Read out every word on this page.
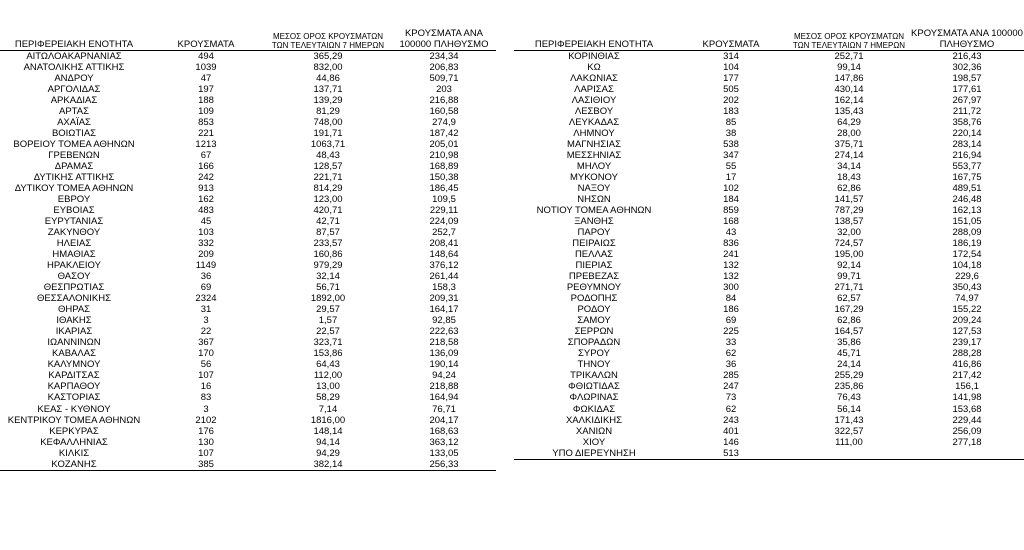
ΠΕΡΙΦΕΡΕΙΑΚΗ ΕΝΟΤΗΤΑ	ΚΡΟΥΣΜΑΤΑ	ΜΕΣΟΣ ΟΡΟΣ ΚΡΟΥΣΜΑΤΩΝ ΤΩΝ ΤΕΛΕΥΤΑΙΩΝ 7 ΗΜΕΡΩΝ	ΚΡΟΥΣΜΑΤΑ ΑΝΑ 100000 ΠΛΗΘΥΣΜΟ
ΑΙΤΩΛΟΑΚΑΡΝΑΝΙΑΣ	494	365,29	234,34
ΑΝΑΤΟΛΙΚΗΣ ΑΤΤΙΚΗΣ	1039	832,00	206,83
ΑΝΔΡΟΥ	47	44,86	509,71
ΑΡΓΟΛΙΔΑΣ	197	137,71	203
ΑΡΚΑΔΙΑΣ	188	139,29	216,88
ΑΡΤΑΣ	109	81,29	160,58
ΑΧΑΪΑΣ	853	748,00	274,9
ΒΟΙΩΤΙΑΣ	221	191,71	187,42
ΒΟΡΕΙΟΥ ΤΟΜΕΑ ΑΘΗΝΩΝ	1213	1063,71	205,01
ΓΡΕΒΕΝΩΝ	67	48,43	210,98
ΔΡΑΜΑΣ	166	128,57	168,89
ΔΥΤΙΚΗΣ ΑΤΤΙΚΗΣ	242	221,71	150,38
ΔΥΤΙΚΟΥ ΤΟΜΕΑ ΑΘΗΝΩΝ	913	814,29	186,45
ΕΒΡΟΥ	162	123,00	109,5
ΕΥΒΟΙΑΣ	483	420,71	229,11
ΕΥΡΥΤΑΝΙΑΣ	45	42,71	224,09
ΖΑΚΥΝΘΟΥ	103	87,57	252,7
ΗΛΕΙΑΣ	332	233,57	208,41
ΗΜΑΘΙΑΣ	209	160,86	148,64
ΗΡΑΚΛΕΙΟΥ	1149	979,29	376,12
ΘΑΣΟΥ	36	32,14	261,44
ΘΕΣΠΡΩΤΙΑΣ	69	56,71	158,3
ΘΕΣΣΑΛΟΝΙΚΗΣ	2324	1892,00	209,31
ΘΗΡΑΣ	31	29,57	164,17
ΙΘΑΚΗΣ	3	1,57	92,85
ΙΚΑΡΙΑΣ	22	22,57	222,63
ΙΩΑΝΝΙΝΩΝ	367	323,71	218,58
ΚΑΒΑΛΑΣ	170	153,86	136,09
ΚΑΛΥΜΝΟΥ	56	64,43	190,14
ΚΑΡΔΙΤΣΑΣ	107	112,00	94,24
ΚΑΡΠΑΘΟΥ	16	13,00	218,88
ΚΑΣΤΟΡΙΑΣ	83	58,29	164,94
ΚΕΑΣ - ΚΥΘΝΟΥ	3	7,14	76,71
ΚΕΝΤΡΙΚΟΥ ΤΟΜΕΑ ΑΘΗΝΩΝ	2102	1816,00	204,17
ΚΕΡΚΥΡΑΣ	176	148,14	168,63
ΚΕΦΑΛΛΗΝΙΑΣ	130	94,14	363,12
ΚΙΛΚΙΣ	107	94,29	133,05
ΚΟΖΑΝΗΣ	385	382,14	256,33
ΠΕΡΙΦΕΡΕΙΑΚΗ ΕΝΟΤΗΤΑ	ΚΡΟΥΣΜΑΤΑ	ΜΕΣΟΣ ΟΡΟΣ ΚΡΟΥΣΜΑΤΩΝ ΤΩΝ ΤΕΛΕΥΤΑΙΩΝ 7 ΗΜΕΡΩΝ	ΚΡΟΥΣΜΑΤΑ ΑΝΑ 100000 ΠΛΗΘΥΣΜΟ
ΚΟΡΙΝΘΙΑΣ	314	252,71	216,43
ΚΩ	104	99,14	302,36
ΛΑΚΩΝΙΑΣ	177	147,86	198,57
ΛΑΡΙΣΑΣ	505	430,14	177,61
ΛΑΣΙΘΙΟΥ	202	162,14	267,97
ΛΕΣΒΟΥ	183	135,43	211,72
ΛΕΥΚΑΔΑΣ	85	64,29	358,76
ΛΗΜΝΟΥ	38	28,00	220,14
ΜΑΓΝΗΣΙΑΣ	538	375,71	283,14
ΜΕΣΣΗΝΙΑΣ	347	274,14	216,94
ΜΗΛΟΥ	55	34,14	553,77
ΜΥΚΟΝΟΥ	17	18,43	167,75
ΝΑΞΟΥ	102	62,86	489,51
ΝΗΣΩΝ	184	141,57	246,48
ΝΟΤΙΟΥ ΤΟΜΕΑ ΑΘΗΝΩΝ	859	787,29	162,13
ΞΑΝΘΗΣ	168	138,57	151,05
ΠΑΡΟΥ	43	32,00	288,09
ΠΕΙΡΑΙΩΣ	836	724,57	186,19
ΠΕΛΛΑΣ	241	195,00	172,54
ΠΙΕΡΙΑΣ	132	92,14	104,18
ΠΡΕΒΕΖΑΣ	132	99,71	229,6
ΡΕΘΥΜΝΟΥ	300	271,71	350,43
ΡΟΔΟΠΗΣ	84	62,57	74,97
ΡΟΔΟΥ	186	167,29	155,22
ΣΑΜΟΥ	69	62,86	209,24
ΣΕΡΡΩΝ	225	164,57	127,53
ΣΠΟΡΑΔΩΝ	33	35,86	239,17
ΣΥΡΟΥ	62	45,71	288,28
ΤΗΝΟΥ	36	24,14	416,86
ΤΡΙΚΑΛΩΝ	285	255,29	217,42
ΦΘΙΩΤΙΔΑΣ	247	235,86	156,1
ΦΛΩΡΙΝΑΣ	73	76,43	141,98
ΦΩΚΙΔΑΣ	62	56,14	153,68
ΧΑΛΚΙΔΙΚΗΣ	243	171,43	229,44
ΧΑΝΙΩΝ	401	322,57	256,09
ΧΙΟΥ	146	111,00	277,18
ΥΠΟ ΔΙΕΡΕΥΝΗΣΗ	513		
